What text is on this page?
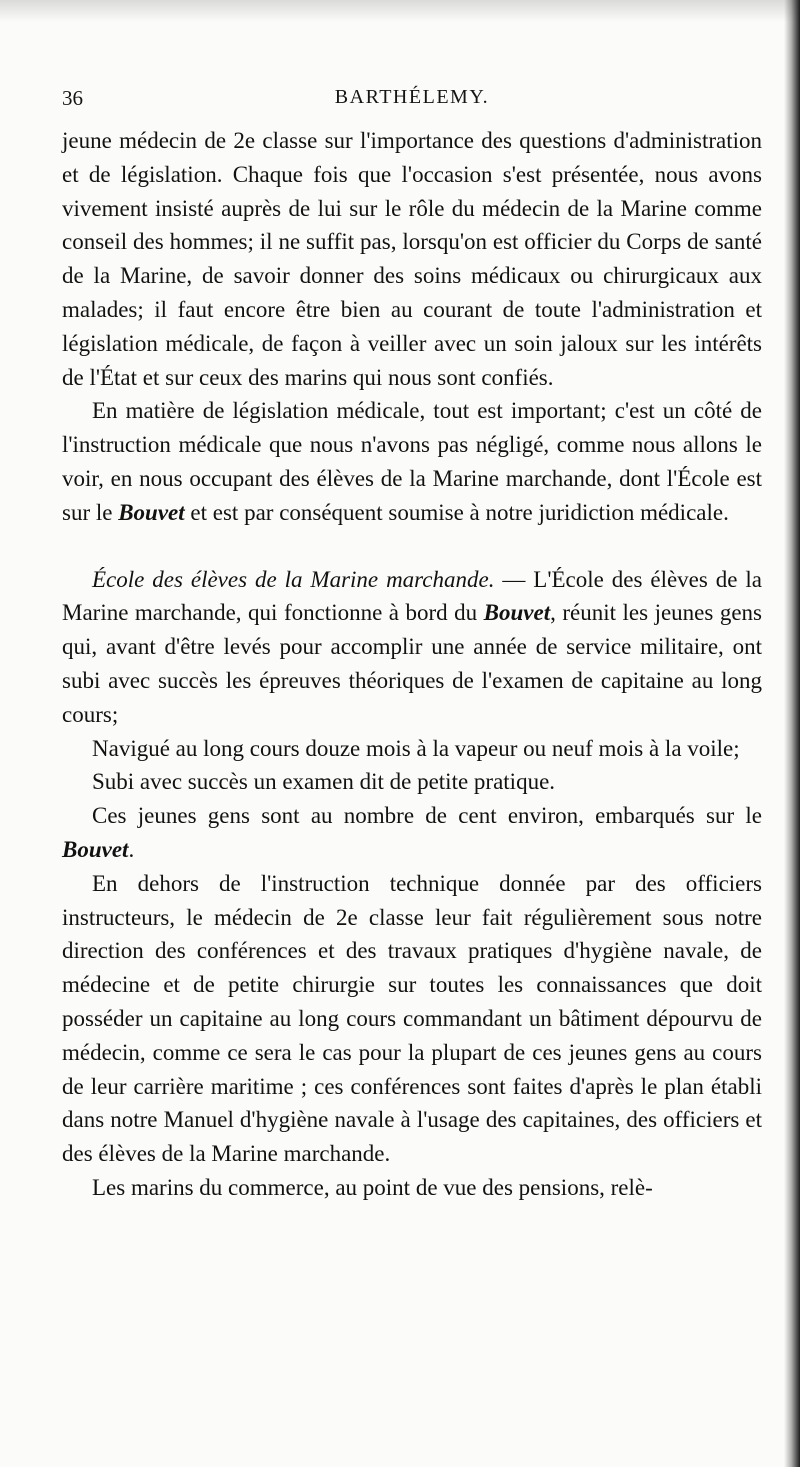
36	BARTHÉLEMY.

jeune médecin de 2e classe sur l'importance des questions d'administration et de législation. Chaque fois que l'occasion s'est présentée, nous avons vivement insisté auprès de lui sur le rôle du médecin de la Marine comme conseil des hommes; il ne suffit pas, lorsqu'on est officier du Corps de santé de la Marine, de savoir donner des soins médicaux ou chirurgicaux aux malades; il faut encore être bien au courant de toute l'administration et législation médicale, de façon à veiller avec un soin jaloux sur les intérêts de l'État et sur ceux des marins qui nous sont confiés.

En matière de législation médicale, tout est important; c'est un côté de l'instruction médicale que nous n'avons pas négligé, comme nous allons le voir, en nous occupant des élèves de la Marine marchande, dont l'École est sur le Bouvet et est par conséquent soumise à notre juridiction médicale.

École des élèves de la Marine marchande. — L'École des élèves de la Marine marchande, qui fonctionne à bord du Bouvet, réunit les jeunes gens qui, avant d'être levés pour accomplir une année de service militaire, ont subi avec succès les épreuves théoriques de l'examen de capitaine au long cours;

Navigué au long cours douze mois à la vapeur ou neuf mois à la voile;

Subi avec succès un examen dit de petite pratique.

Ces jeunes gens sont au nombre de cent environ, embarqués sur le Bouvet.

En dehors de l'instruction technique donnée par des officiers instructeurs, le médecin de 2e classe leur fait régulièrement sous notre direction des conférences et des travaux pratiques d'hygiène navale, de médecine et de petite chirurgie sur toutes les connaissances que doit posséder un capitaine au long cours commandant un bâtiment dépourvu de médecin, comme ce sera le cas pour la plupart de ces jeunes gens au cours de leur carrière maritime ; ces conférences sont faites d'après le plan établi dans notre Manuel d'hygiène navale à l'usage des capitaines, des officiers et des élèves de la Marine marchande.

Les marins du commerce, au point de vue des pensions, relè-
